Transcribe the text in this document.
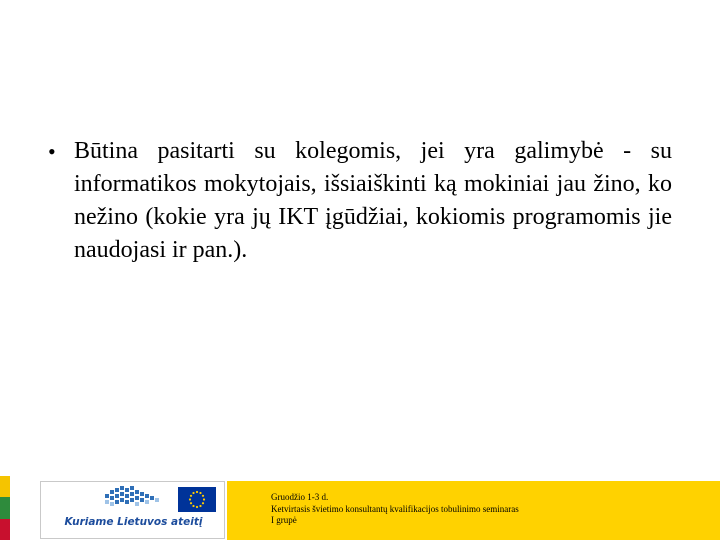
• Būtina pasitarti su kolegomis, jei yra galimybė - su informatikos mokytojais, išsiaiškinti ką mokiniai jau žino, ko nežino (kokie yra jų IKT įgūdžiai, kokiomis programomis jie naudojasi ir pan.).
Kuriame Lietuvos ateitį
Gruodžio 1-3 d.
Ketvirtasis švietimo konsultantų kvalifikacijos tobulinimo seminaras
I grupė
